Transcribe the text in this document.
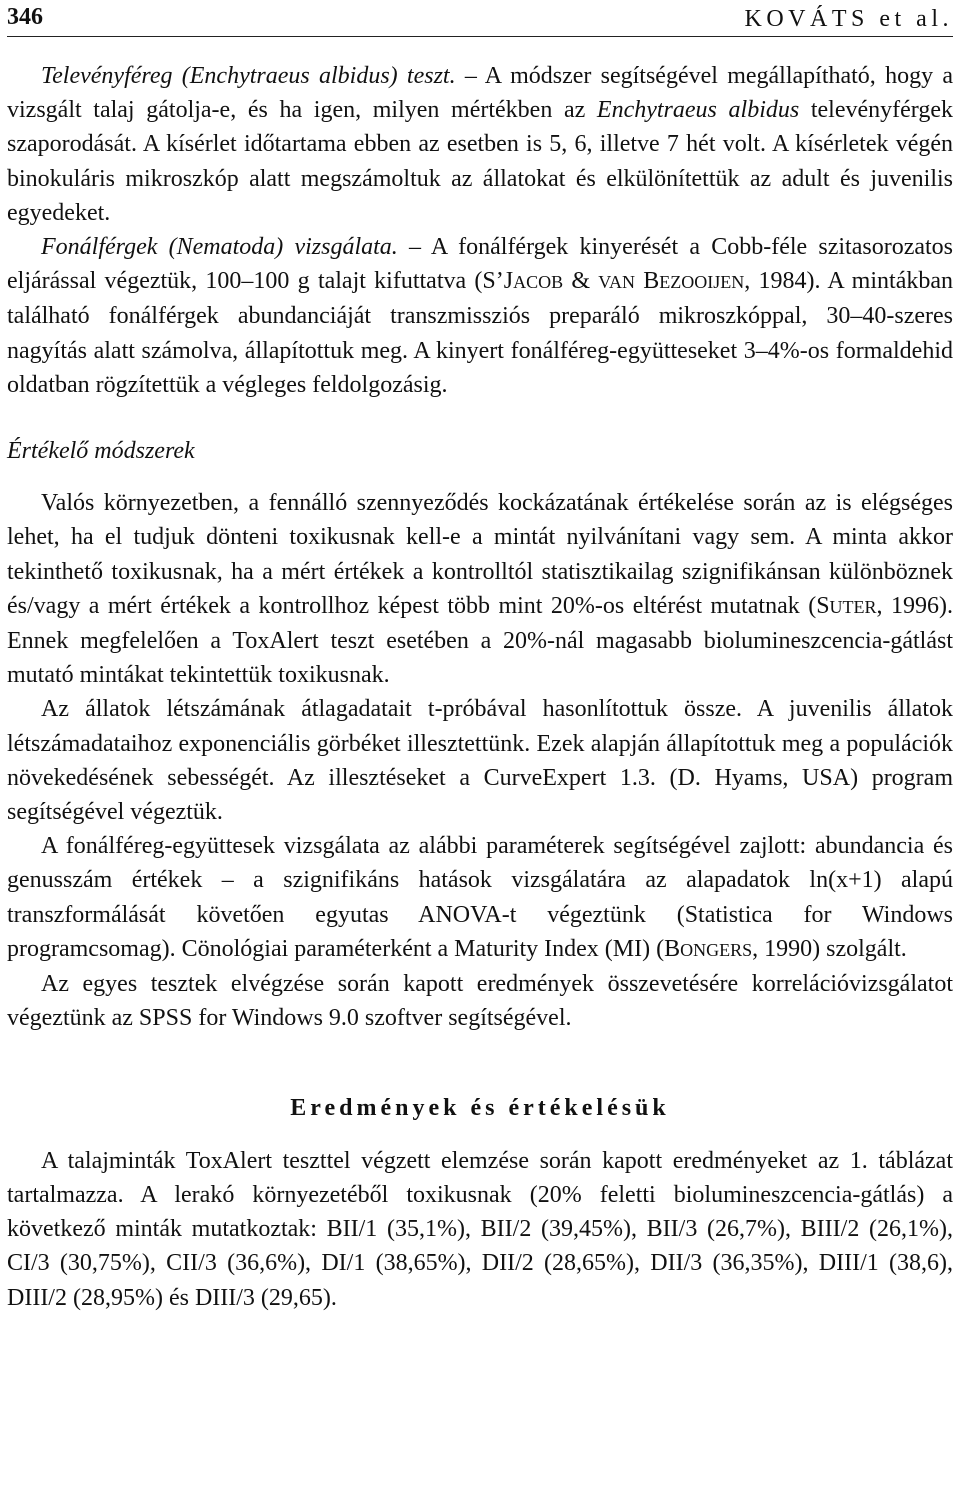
346	KOVÁTS et al.

Televényféreg (Enchytraeus albidus) teszt. – A módszer segítségével megállapítható, hogy a vizsgált talaj gátolja-e, és ha igen, milyen mértékben az Enchytraeus albidus televényférgek szaporodását. A kísérlet időtartama ebben az esetben is 5, 6, illetve 7 hét volt. A kísérletek végén binokuláris mikroszkóp alatt megszámoltuk az állatokat és elkülönítettük az adult és juvenilis egyedeket.

Fonálférgek (Nematoda) vizsgálata. – A fonálférgek kinyerését a Cobb-féle szitasorozatos eljárással végeztük, 100–100 g talajt kifuttatva (S’JACOB & VAN BEZOOIJEN, 1984). A mintákban található fonálférgek abundanciáját transzmissziós preparáló mikroszkóppal, 30–40-szeres nagyítás alatt számolva, állapítottuk meg. A kinyert fonálféreg-együtteseket 3–4%-os formaldehid oldatban rögzítettük a végleges feldolgozásig.

Értékelő módszerek

Valós környezetben, a fennálló szennyeződés kockázatának értékelése során az is elégséges lehet, ha el tudjuk dönteni toxikusnak kell-e a mintát nyilvánítani vagy sem. A minta akkor tekinthető toxikusnak, ha a mért értékek a kontrolltól statisztikailag szignifikánsan különböznek és/vagy a mért értékek a kontrollhoz képest több mint 20%-os eltérést mutatnak (SUTER, 1996). Ennek megfelelően a ToxAlert teszt esetében a 20%-nál magasabb biolumineszcencia-gátlást mutató mintákat tekintettük toxikusnak.

Az állatok létszámának átlagadatait t-próbával hasonlítottuk össze. A juvenilis állatok létszámadataihoz exponenciális görbéket illesztettünk. Ezek alapján állapítottuk meg a populációk növekedésének sebességét. Az illesztéseket a CurveExpert 1.3. (D. Hyams, USA) program segítségével végeztük.

A fonálféreg-együttesek vizsgálata az alábbi paraméterek segítségével zajlott: abundancia és genusszám értékek – a szignifikáns hatások vizsgálatára az alapadatok ln(x+1) alapú transzformálását követően egyutas ANOVA-t végeztünk (Statistica for Windows programcsomag). Cönológiai paraméterként a Maturity Index (MI) (BONGERS, 1990) szolgált.

Az egyes tesztek elvégzése során kapott eredmények összevetésére korrelációvizsgálatot végeztünk az SPSS for Windows 9.0 szoftver segítségével.

Eredmények és értékelésük

A talajminták ToxAlert teszttel végzett elemzése során kapott eredményeket az 1. táblázat tartalmazza. A lerakó környezetéből toxikusnak (20% feletti biolumineszcencia-gátlás) a következő minták mutatkoztak: BII/1 (35,1%), BII/2 (39,45%), BII/3 (26,7%), BIII/2 (26,1%), CI/3 (30,75%), CII/3 (36,6%), DI/1 (38,65%), DII/2 (28,65%), DII/3 (36,35%), DIII/1 (38,6), DIII/2 (28,95%) és DIII/3 (29,65).
